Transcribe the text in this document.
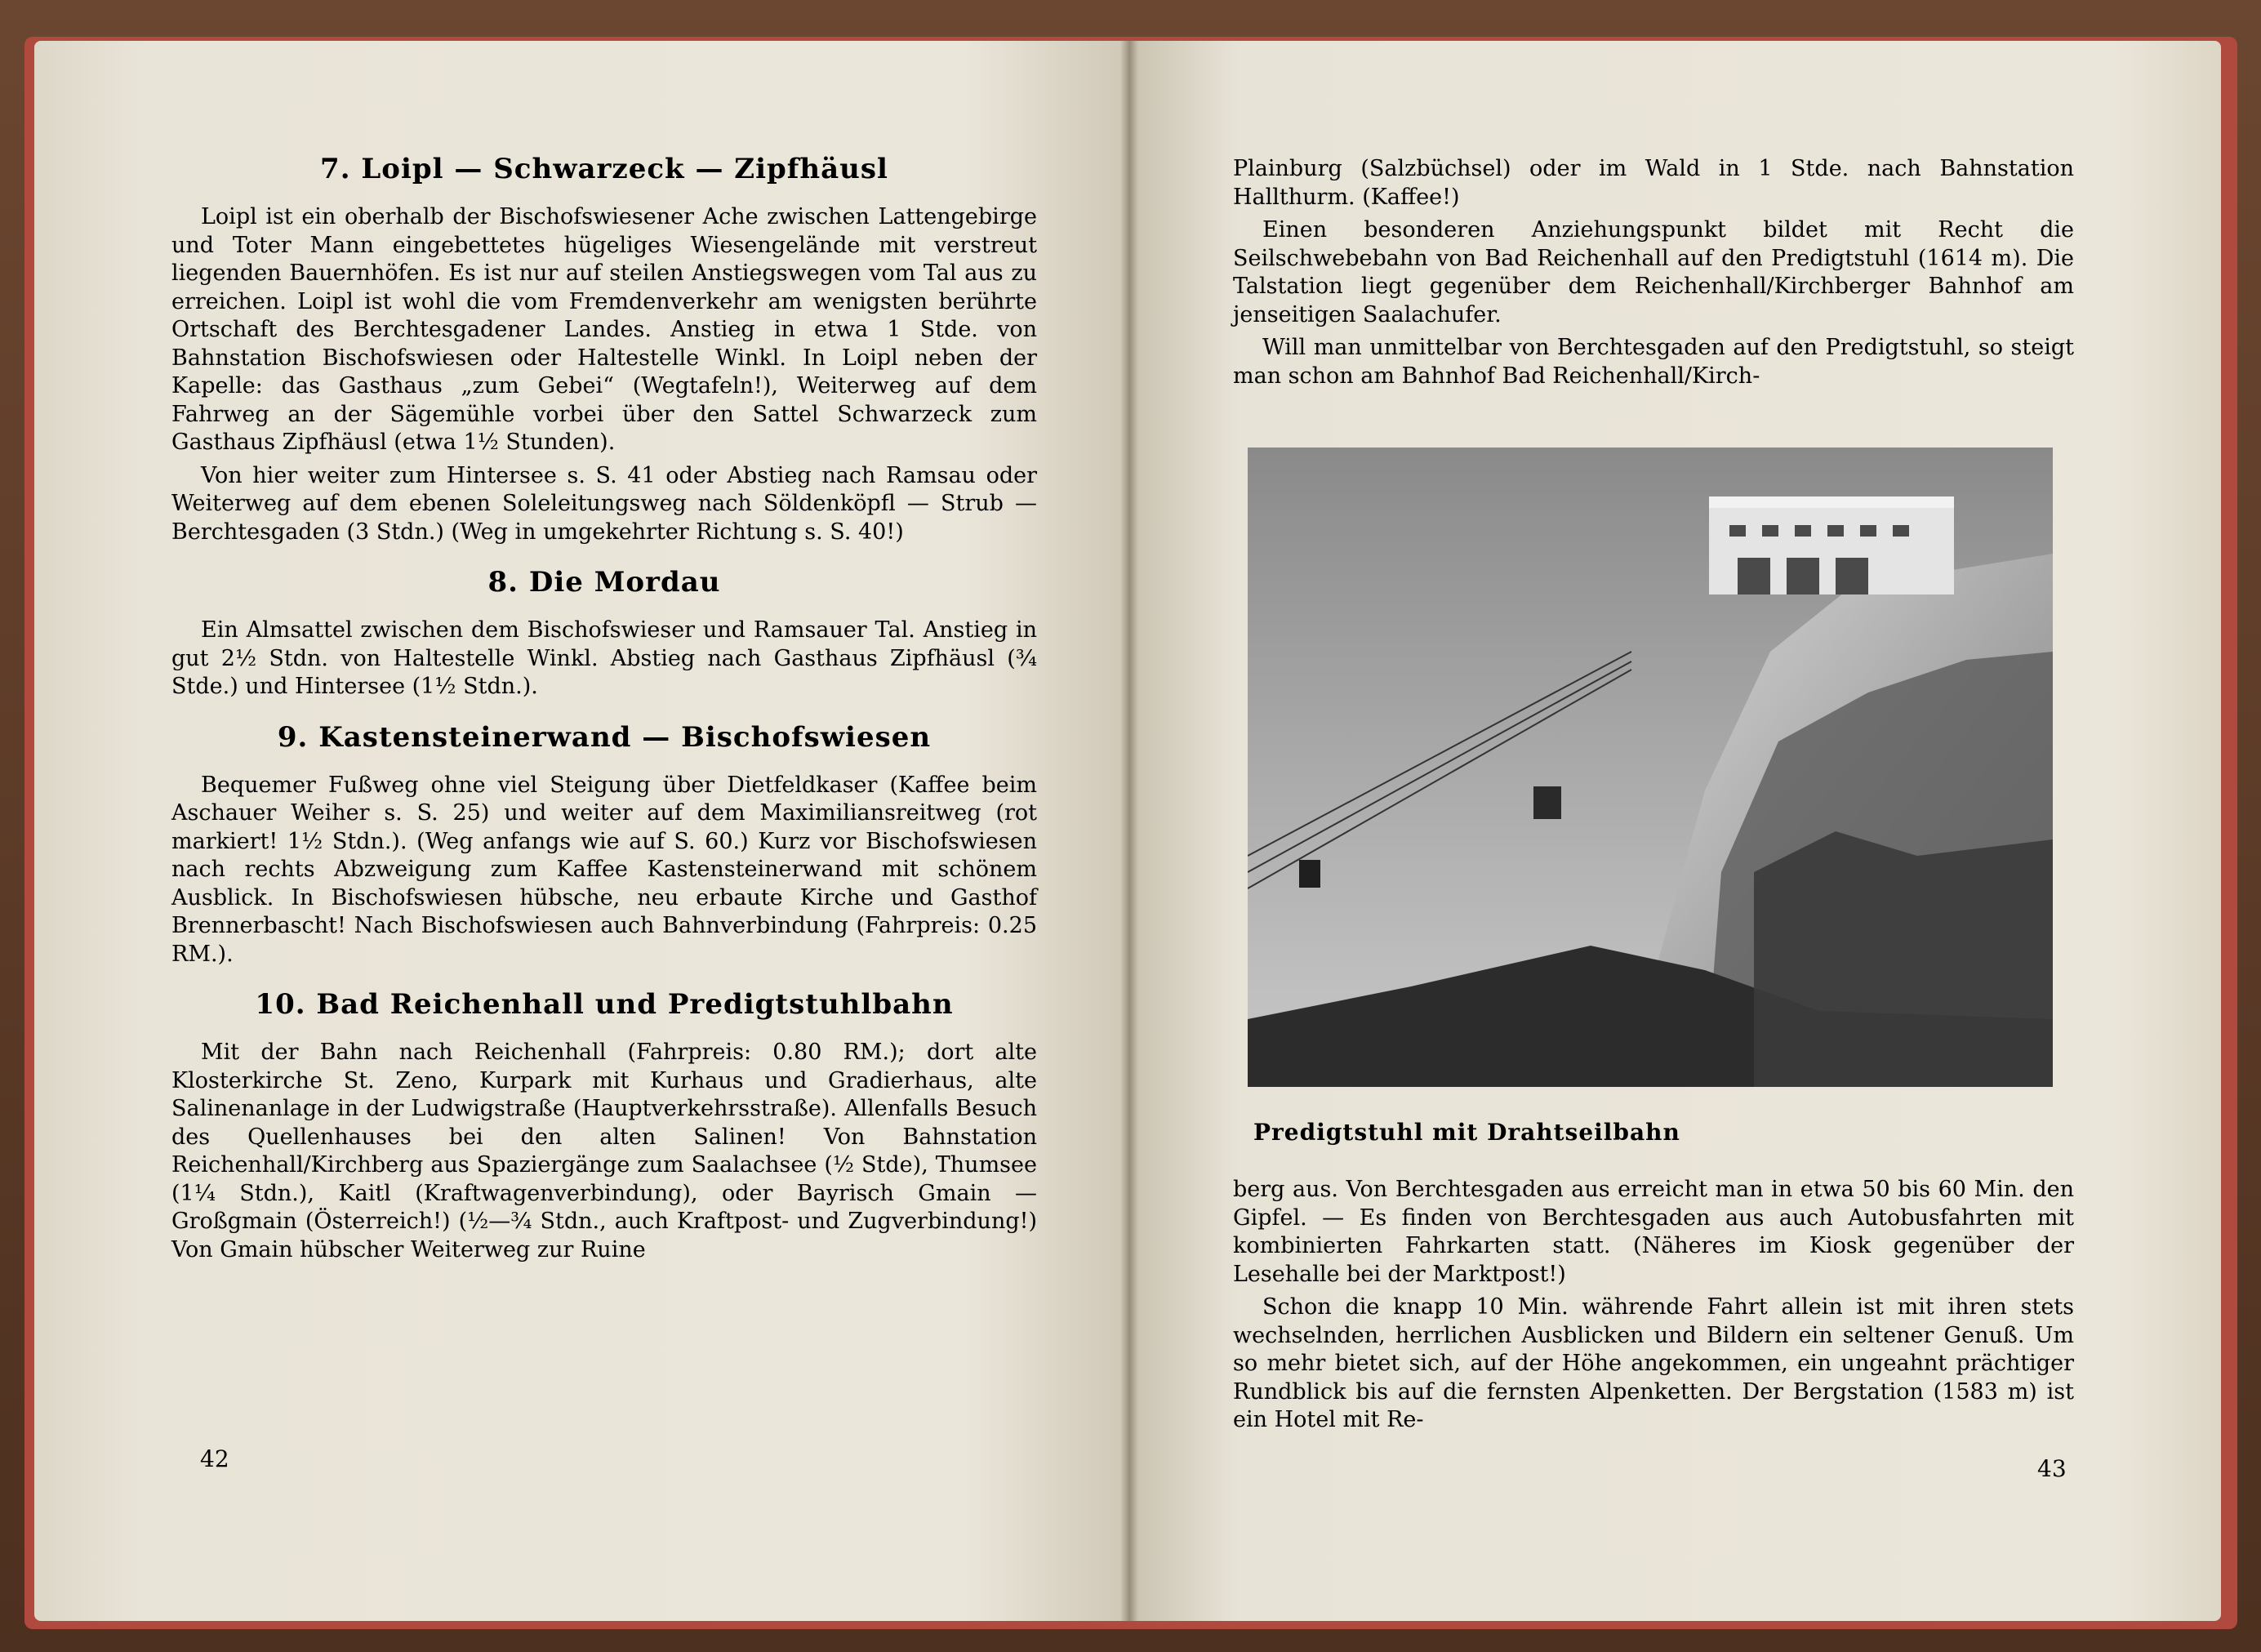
7. Loipl — Schwarzeck — Zipfhäusl

Loipl ist ein oberhalb der Bischofswiesener Ache zwischen Lattengebirge und Toter Mann eingebettetes hügeliges Wiesengelände mit verstreut liegenden Bauernhöfen. Es ist nur auf steilen Anstiegswegen vom Tal aus zu erreichen. Loipl ist wohl die vom Fremdenverkehr am wenigsten berührte Ortschaft des Berchtesgadener Landes. Anstieg in etwa 1 Stde. von Bahnstation Bischofswiesen oder Haltestelle Winkl. In Loipl neben der Kapelle: das Gasthaus „zum Gebei“ (Wegtafeln!), Weiterweg auf dem Fahrweg an der Sägemühle vorbei über den Sattel Schwarzeck zum Gasthaus Zipfhäusl (etwa 1½ Stunden).

Von hier weiter zum Hintersee s. S. 41 oder Abstieg nach Ramsau oder Weiterweg auf dem ebenen Soleleitungsweg nach Söldenköpfl — Strub — Berchtesgaden (3 Stdn.) (Weg in umgekehrter Richtung s. S. 40!)

8. Die Mordau

Ein Almsattel zwischen dem Bischofswieser und Ramsauer Tal. Anstieg in gut 2½ Stdn. von Haltestelle Winkl. Abstieg nach Gasthaus Zipfhäusl (¾ Stde.) und Hintersee (1½ Stdn.).

9. Kastensteinerwand — Bischofswiesen

Bequemer Fußweg ohne viel Steigung über Dietfeldkaser (Kaffee beim Aschauer Weiher s. S. 25) und weiter auf dem Maximiliansreitweg (rot markiert! 1½ Stdn.). (Weg anfangs wie auf S. 60.) Kurz vor Bischofswiesen nach rechts Abzweigung zum Kaffee Kastensteinerwand mit schönem Ausblick. In Bischofswiesen hübsche, neu erbaute Kirche und Gasthof Brennerbascht! Nach Bischofswiesen auch Bahnverbindung (Fahrpreis: 0.25 RM.).

10. Bad Reichenhall und Predigtstuhlbahn

Mit der Bahn nach Reichenhall (Fahrpreis: 0.80 RM.); dort alte Klosterkirche St. Zeno, Kurpark mit Kurhaus und Gradierhaus, alte Salinenanlage in der Ludwigstraße (Hauptverkehrsstraße). Allenfalls Besuch des Quellenhauses bei den alten Salinen! Von Bahnstation Reichenhall/Kirchberg aus Spaziergänge zum Saalachsee (½ Stde), Thumsee (1¼ Stdn.), Kaitl (Kraftwagenverbindung), oder Bayrisch Gmain —Großgmain (Österreich!) (½—¾ Stdn., auch Kraftpost- und Zugverbindung!) Von Gmain hübscher Weiterweg zur Ruine

42

Plainburg (Salzbüchsel) oder im Wald in 1 Stde. nach Bahnstation Hallthurm. (Kaffee!)

Einen besonderen Anziehungspunkt bildet mit Recht die Seilschwebebahn von Bad Reichenhall auf den Predigtstuhl (1614 m). Die Talstation liegt gegenüber dem Reichenhall/Kirchberger Bahnhof am jenseitigen Saalachufer.

Will man unmittelbar von Berchtesgaden auf den Predigtstuhl, so steigt man schon am Bahnhof Bad Reichenhall/Kirch-

Predigtstuhl mit Drahtseilbahn

berg aus. Von Berchtesgaden aus erreicht man in etwa 50 bis 60 Min. den Gipfel. — Es finden von Berchtesgaden aus auch Autobusfahrten mit kombinierten Fahrkarten statt. (Näheres im Kiosk gegenüber der Lesehalle bei der Marktpost!)

Schon die knapp 10 Min. währende Fahrt allein ist mit ihren stets wechselnden, herrlichen Ausblicken und Bildern ein seltener Genuß. Um so mehr bietet sich, auf der Höhe angekommen, ein ungeahnt prächtiger Rundblick bis auf die fernsten Alpenketten. Der Bergstation (1583 m) ist ein Hotel mit Re-

43
